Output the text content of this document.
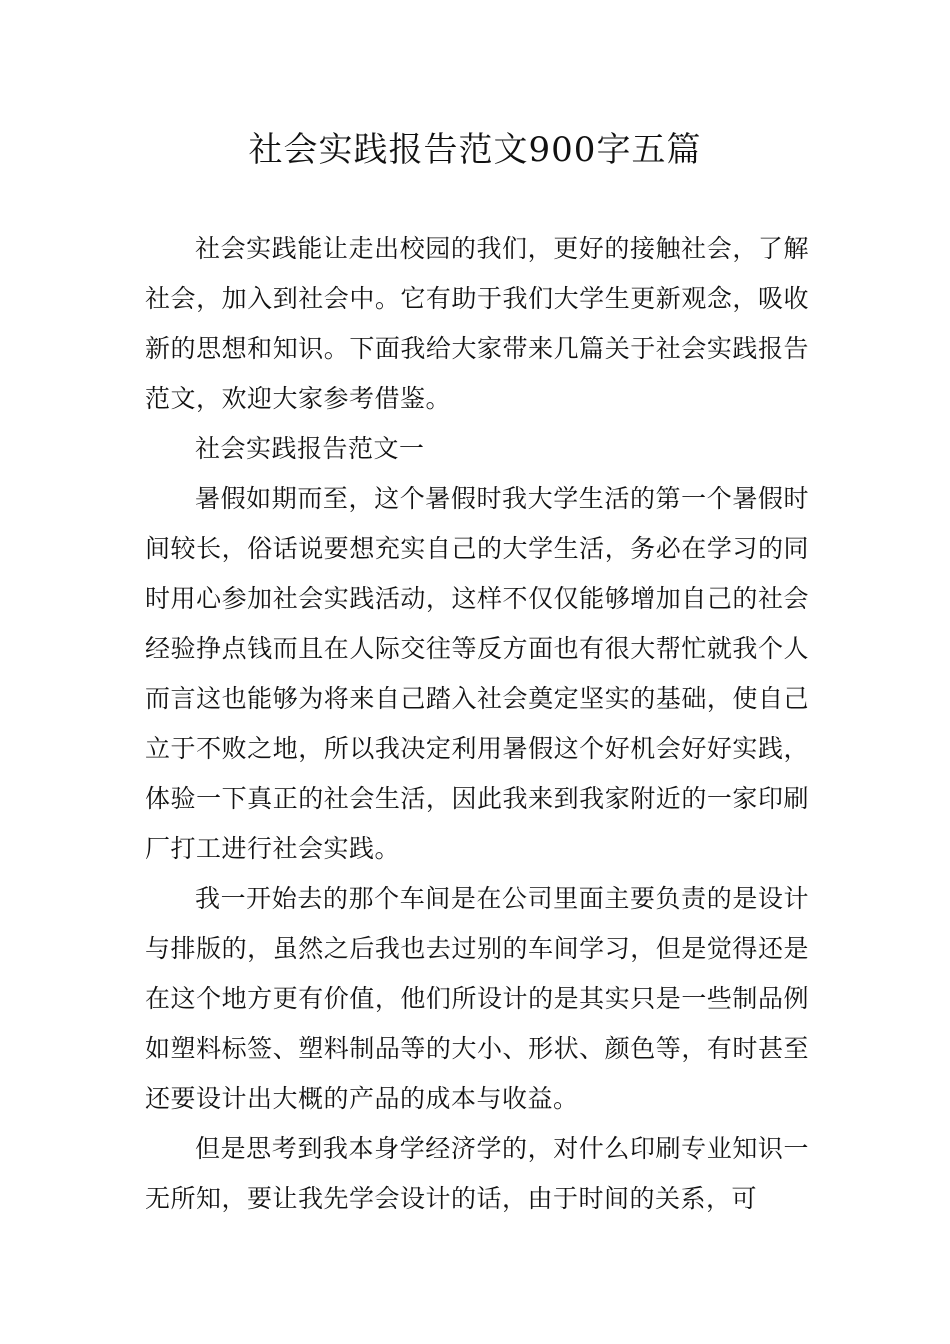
社会实践报告范文900字五篇

社会实践能让走出校园的我们，更好的接触社会，了解社会，加入到社会中。它有助于我们大学生更新观念，吸收新的思想和知识。下面我给大家带来几篇关于社会实践报告范文，欢迎大家参考借鉴。

社会实践报告范文一

暑假如期而至，这个暑假时我大学生活的第一个暑假时间较长，俗话说要想充实自己的大学生活，务必在学习的同时用心参加社会实践活动，这样不仅仅能够增加自己的社会经验挣点钱而且在人际交往等反方面也有很大帮忙就我个人而言这也能够为将来自己踏入社会奠定坚实的基础，使自己立于不败之地，所以我决定利用暑假这个好机会好好实践，体验一下真正的社会生活，因此我来到我家附近的一家印刷厂打工进行社会实践。

我一开始去的那个车间是在公司里面主要负责的是设计与排版的，虽然之后我也去过别的车间学习，但是觉得还是在这个地方更有价值，他们所设计的是其实只是一些制品例如塑料标签、塑料制品等的大小、形状、颜色等，有时甚至还要设计出大概的产品的成本与收益。

但是思考到我本身学经济学的，对什么印刷专业知识一无所知，要让我先学会设计的话，由于时间的关系，可
